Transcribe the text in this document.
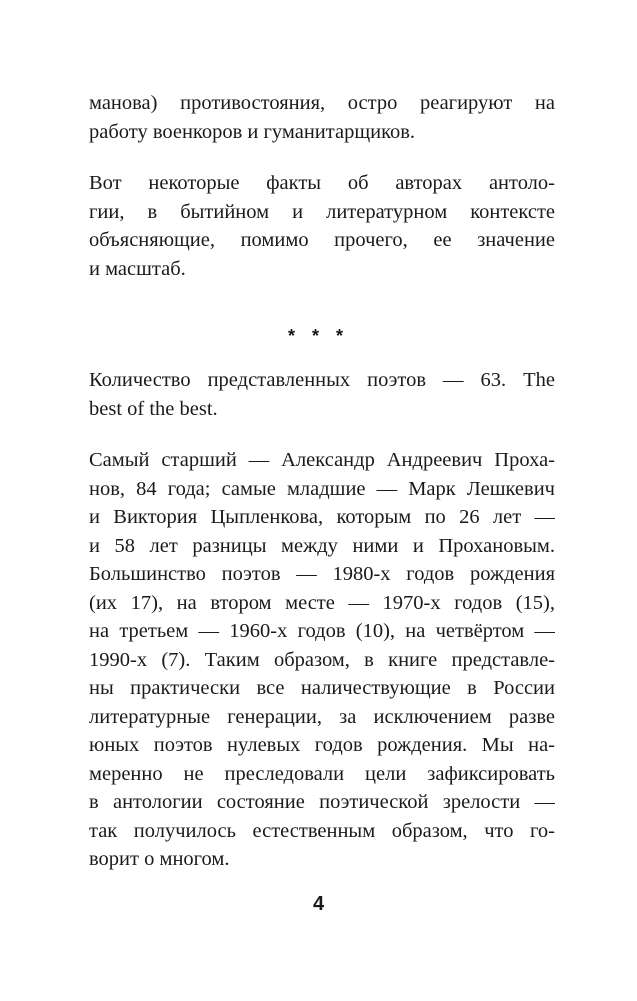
манова) противостояния, остро реагируют на
работу военкоров и гуманитарщиков.
Вот некоторые факты об авторах антоло-
гии, в бытийном и литературном контексте
объясняющие, помимо прочего, ее значение
и масштаб.
* * *
Количество представленных поэтов — 63. The
best of the best.
Самый старший — Александр Андреевич Проха-
нов, 84 года; самые младшие — Марк Лешкевич
и Виктория Цыпленкова, которым по 26 лет —
и 58 лет разницы между ними и Прохановым.
Большинство поэтов — 1980-х годов рождения
(их 17), на втором месте — 1970-х годов (15),
на третьем — 1960-х годов (10), на четвёртом —
1990-х (7). Таким образом, в книге представле-
ны практически все наличествующие в России
литературные генерации, за исключением разве
юных поэтов нулевых годов рождения. Мы на-
меренно не преследовали цели зафиксировать
в антологии состояние поэтической зрелости —
так получилось естественным образом, что го-
ворит о многом.
4
